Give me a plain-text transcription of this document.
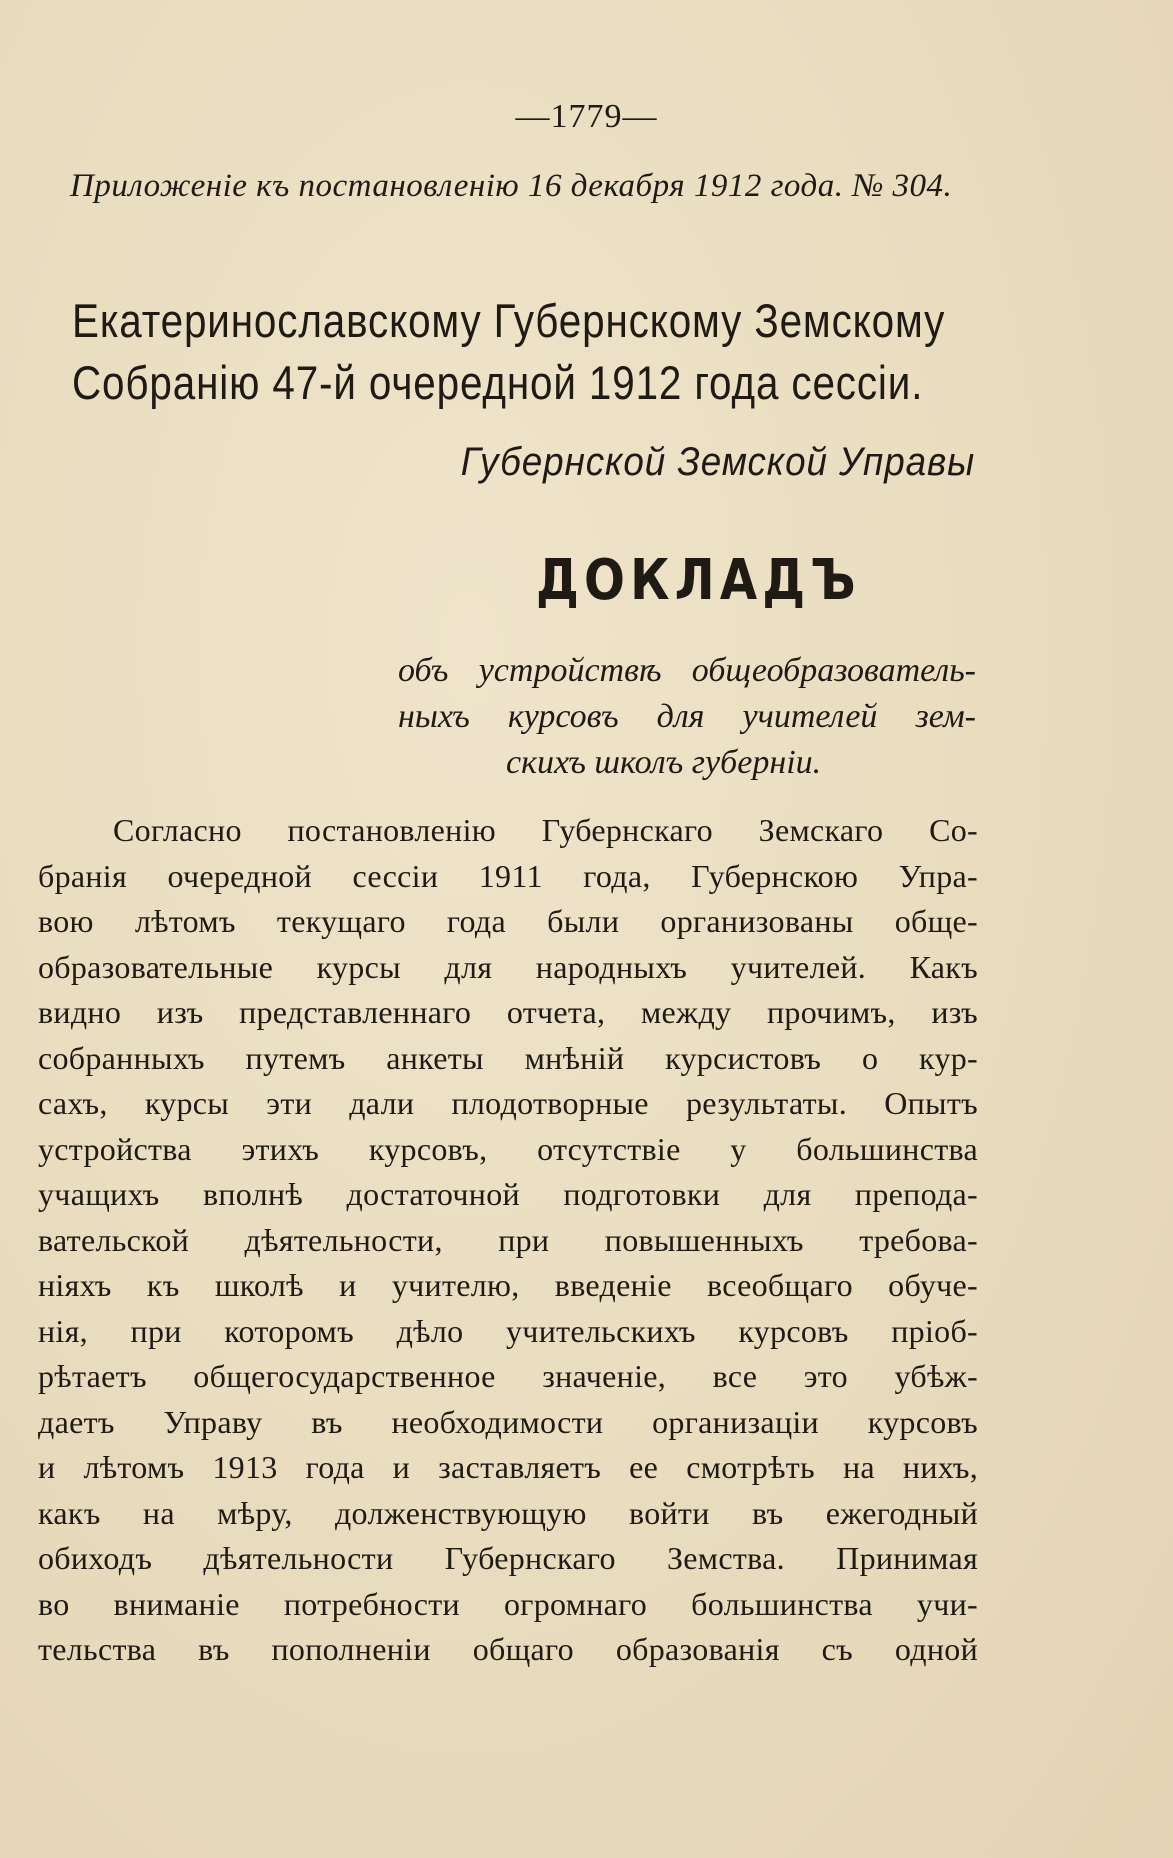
—1779—
Приложеніе къ постановленію 16 декабря 1912 года. № 304.
Екатеринославскому Губернскому Земскому
Собранію 47-й очередной 1912 года сессіи.
Губернской Земской Управы
ДОКЛАДЪ
объ устройствѣ общеобразователь-
ныхъ курсовъ для учителей зем-
скихъ школъ губерніи.
Согласно постановленію Губернскаго Земскаго Со-
бранія очередной сессіи 1911 года, Губернскою Упра-
вою лѣтомъ текущаго года были организованы обще-
образовательные курсы для народныхъ учителей. Какъ
видно изъ представленнаго отчета, между прочимъ, изъ
собранныхъ путемъ анкеты мнѣній курсистовъ о кур-
сахъ, курсы эти дали плодотворные результаты. Опытъ
устройства этихъ курсовъ, отсутствіе у большинства
учащихъ вполнѣ достаточной подготовки для препода-
вательской дѣятельности, при повышенныхъ требова-
ніяхъ къ школѣ и учителю, введеніе всеобщаго обуче-
нія, при которомъ дѣло учительскихъ курсовъ пріоб-
рѣтаетъ общегосударственное значеніе, все это убѣж-
даетъ Управу въ необходимости организаціи курсовъ
и лѣтомъ 1913 года и заставляетъ ее смотрѣть на нихъ,
какъ на мѣру, долженствующую войти въ ежегодный
обиходъ дѣятельности Губернскаго Земства. Принимая
во вниманіе потребности огромнаго большинства учи-
тельства въ пополненіи общаго образованія съ одной
